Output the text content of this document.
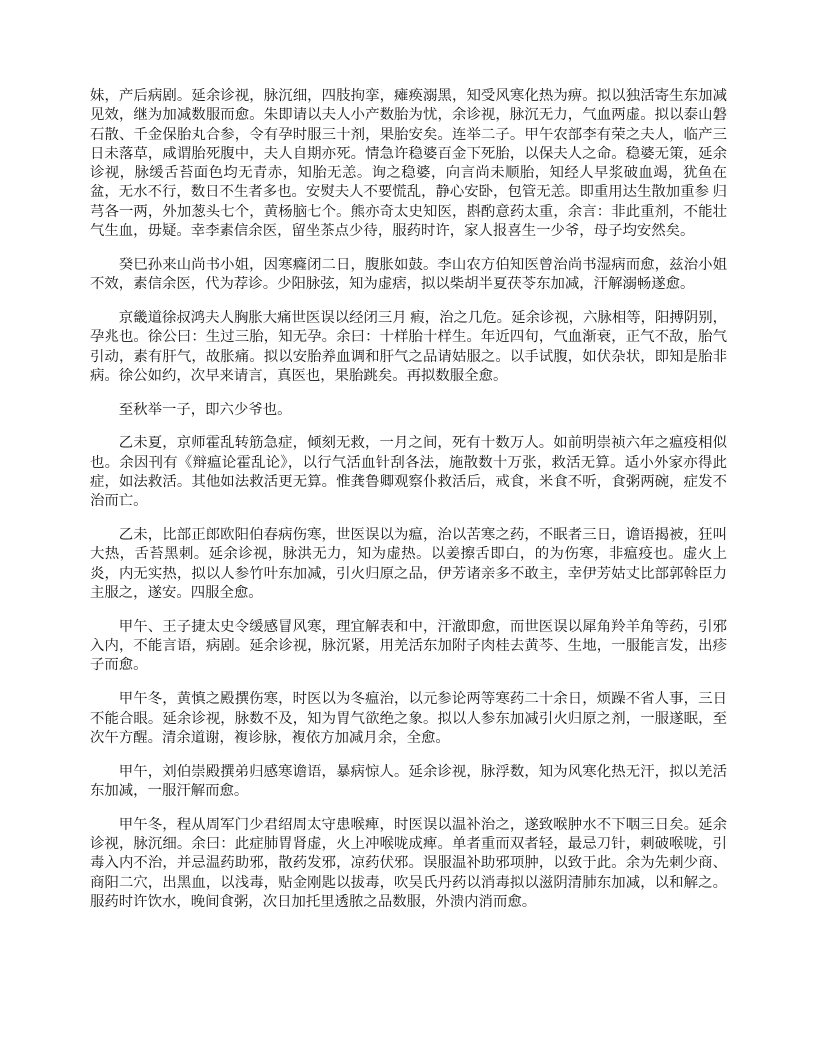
妹，产后病剧。延余诊视，脉沉细，四肢拘挛，瘫痪溺黑，知受风寒化热为痹。拟以独活寄生东加减见效，继为加减数服而愈。朱即请以夫人小产数胎为忧，余诊视，脉沉无力，气血两虚。拟以泰山磐石散、千金保胎丸合参，令有孕时服三十剂，果胎安矣。连举二子。甲午农部李有荣之夫人，临产三日未落草，咸谓胎死腹中，夫人自期亦死。情急许稳婆百金下死胎，以保夫人之命。稳婆无策，延余诊视，脉缓舌苔面色均无青赤，知胎无恙。询之稳婆，向言尚未顺胎，知经人早浆破血竭，犹鱼在盆，无水不行，数日不生者多也。安熨夫人不要慌乱，静心安卧，包管无恙。即重用达生散加重参 归芎各一两，外加葱头七个，黄杨脑七个。熊亦奇太史知医，斟酌意药太重，余言：非此重剂，不能壮气生血，毋疑。幸李素信余医，留坐茶点少待，服药时许，家人报喜生一少爷，母子均安然矣。

癸巳孙来山尚书小姐，因寒癃闭二日，腹胀如鼓。李山农方伯知医曾治尚书湿病而愈，兹治小姐不效，素信余医，代为荐诊。少阳脉弦，知为虚痞，拟以柴胡半夏茯苓东加减，汗解溺畅遂愈。

京畿道徐叔鸿夫人胸胀大痛世医误以经闭三月 瘕，治之几危。延余诊视，六脉相等，阳搏阴别，孕兆也。徐公曰：生过三胎，知无孕。余曰：十样胎十样生。年近四旬，气血渐衰，正气不敌，胎气引动，素有肝气，故胀痛。拟以安胎养血调和肝气之品请姑服之。以手试腹，如伏杂状，即知是胎非病。徐公如约，次早来请言，真医也，果胎跳矣。再拟数服全愈。

至秋举一子，即六少爷也。

乙未夏，京师霍乱转筋急症，倾刻无救，一月之间，死有十数万人。如前明崇祯六年之瘟疫相似也。余因刊有《辩瘟论霍乱论》，以行气活血针刮各法，施散数十万张，救活无算。适小外家亦得此症，如法救活。其他如法救活更无算。惟龚鲁卿观察仆救活后，戒食，米食不听，食粥两碗，症发不治而亡。

乙未，比部正郎欧阳伯春病伤寒，世医误以为瘟，治以苦寒之药，不眠者三日，谵语揭被，狂叫大热，舌苔黑刺。延余诊视，脉洪无力，知为虚热。以姜擦舌即白，的为伤寒，非瘟疫也。虚火上炎，内无实热，拟以人参竹叶东加减，引火归原之品，伊芳诸亲多不敢主，幸伊芳姑丈比部郭斡臣力主服之，遂安。四服全愈。

甲午、王子捷太史令缓感冒风寒，理宜解表和中，汗澈即愈，而世医误以犀角羚羊角等药，引邪入内，不能言语，病剧。延余诊视，脉沉紧，用羌活东加附子肉桂去黄芩、生地，一服能言发，出疹子而愈。

甲午冬，黄慎之殿撰伤寒，时医以为冬瘟治，以元参论两等寒药二十余日，烦躁不省人事，三日不能合眼。延余诊视，脉数不及，知为胃气欲绝之象。拟以人参东加减引火归原之剂，一服遂眠，至次午方醒。清余道谢，複诊脉，複依方加减月余，全愈。

甲午，刘伯崇殿撰弟归感寒谵语，暴病惊人。延余诊视，脉浮数，知为风寒化热无汗，拟以羌活东加减，一服汗解而愈。

甲午冬，程从周军门少君绍周太守患喉痺，时医误以温补治之，遂致喉肿水不下咽三日矣。延余诊视，脉沉细。余曰：此症肺胃肾虚，火上冲喉咙成痺。单者重而双者轻，最忌刀针，刺破喉咙，引毒入内不治，并忌温药助邪，散药发邪，凉药伏邪。误服温补助邪项肿，以致于此。余为先刺少商、商阳二穴，出黑血，以浅毒，贴金刚匙以拔毒，吹吴氏丹药以消毒拟以滋阴清肺东加减，以和解之。服药时许饮水，晚间食粥，次日加托里透脓之品数服，外溃内消而愈。
